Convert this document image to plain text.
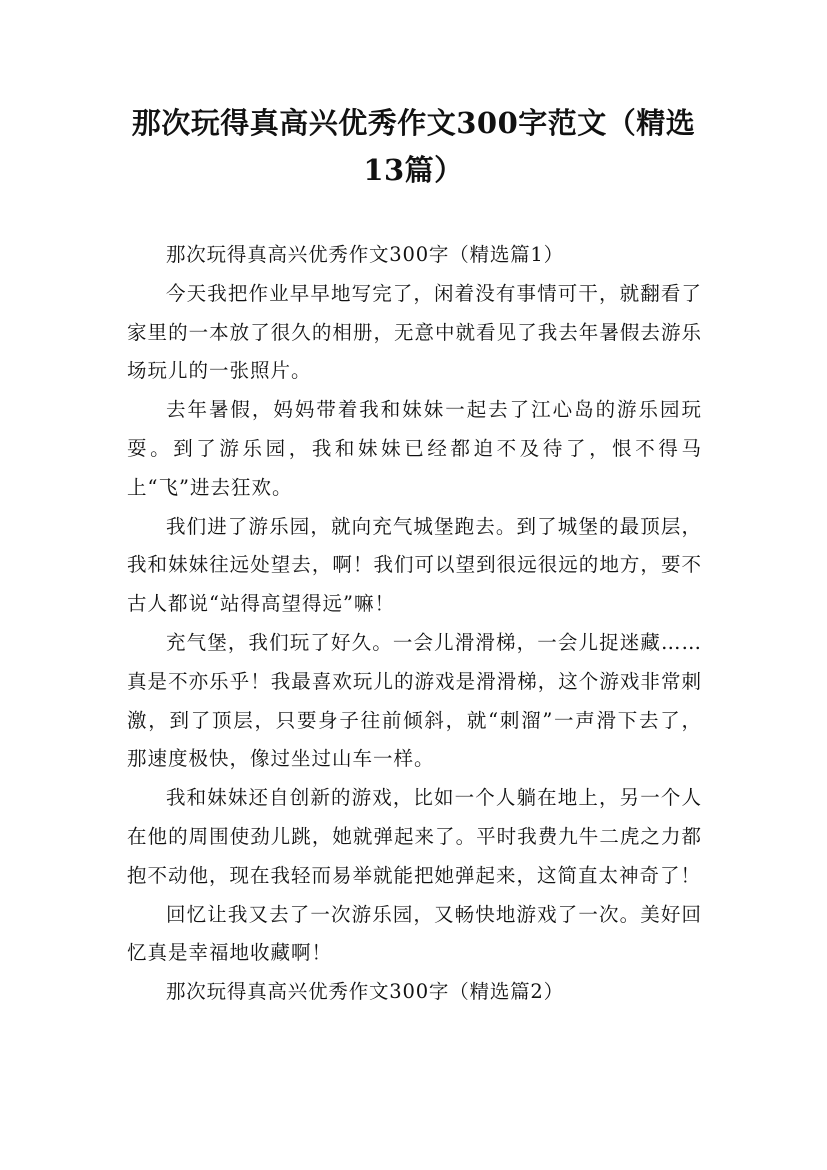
那次玩得真高兴优秀作文300字范文（精选
13篇）

那次玩得真高兴优秀作文300字（精选篇1）

今天我把作业早早地写完了，闲着没有事情可干，就翻看了家里的一本放了很久的相册，无意中就看见了我去年暑假去游乐场玩儿的一张照片。

去年暑假，妈妈带着我和妹妹一起去了江心岛的游乐园玩耍。到了游乐园，我和妹妹已经都迫不及待了，恨不得马上“飞”进去狂欢。

我们进了游乐园，就向充气城堡跑去。到了城堡的最顶层，我和妹妹往远处望去，啊！我们可以望到很远很远的地方，要不古人都说“站得高望得远”嘛！

充气堡，我们玩了好久。一会儿滑滑梯，一会儿捉迷藏……真是不亦乐乎！我最喜欢玩儿的游戏是滑滑梯，这个游戏非常刺激，到了顶层，只要身子往前倾斜，就“刺溜”一声滑下去了，那速度极快，像过坐过山车一样。

我和妹妹还自创新的游戏，比如一个人躺在地上，另一个人在他的周围使劲儿跳，她就弹起来了。平时我费九牛二虎之力都抱不动他，现在我轻而易举就能把她弹起来，这简直太神奇了！

回忆让我又去了一次游乐园，又畅快地游戏了一次。美好回忆真是幸福地收藏啊！

那次玩得真高兴优秀作文300字（精选篇2）
